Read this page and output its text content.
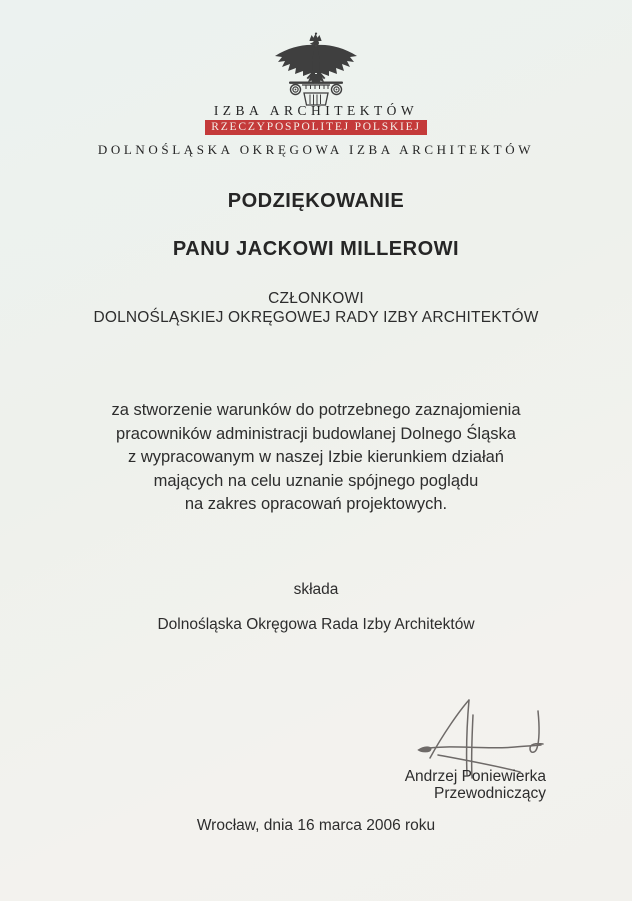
IZBA ARCHITEKTÓW
RZECZYPOSPOLITEJ POLSKIEJ
DOLNOŚLĄSKA OKRĘGOWA IZBA ARCHITEKTÓW
PODZIĘKOWANIE
PANU JACKOWI MILLEROWI
CZŁONKOWI
DOLNOŚLĄSKIEJ OKRĘGOWEJ RADY IZBY ARCHITEKTÓW
za stworzenie warunków do potrzebnego zaznajomienia
pracowników administracji budowlanej Dolnego Śląska
z wypracowanym w naszej Izbie kierunkiem działań
mających na celu uznanie spójnego poglądu
na zakres opracowań projektowych.
składa
Dolnośląska Okręgowa Rada Izby Architektów
Andrzej Poniewierka
Przewodniczący
Wrocław, dnia 16 marca 2006 roku
